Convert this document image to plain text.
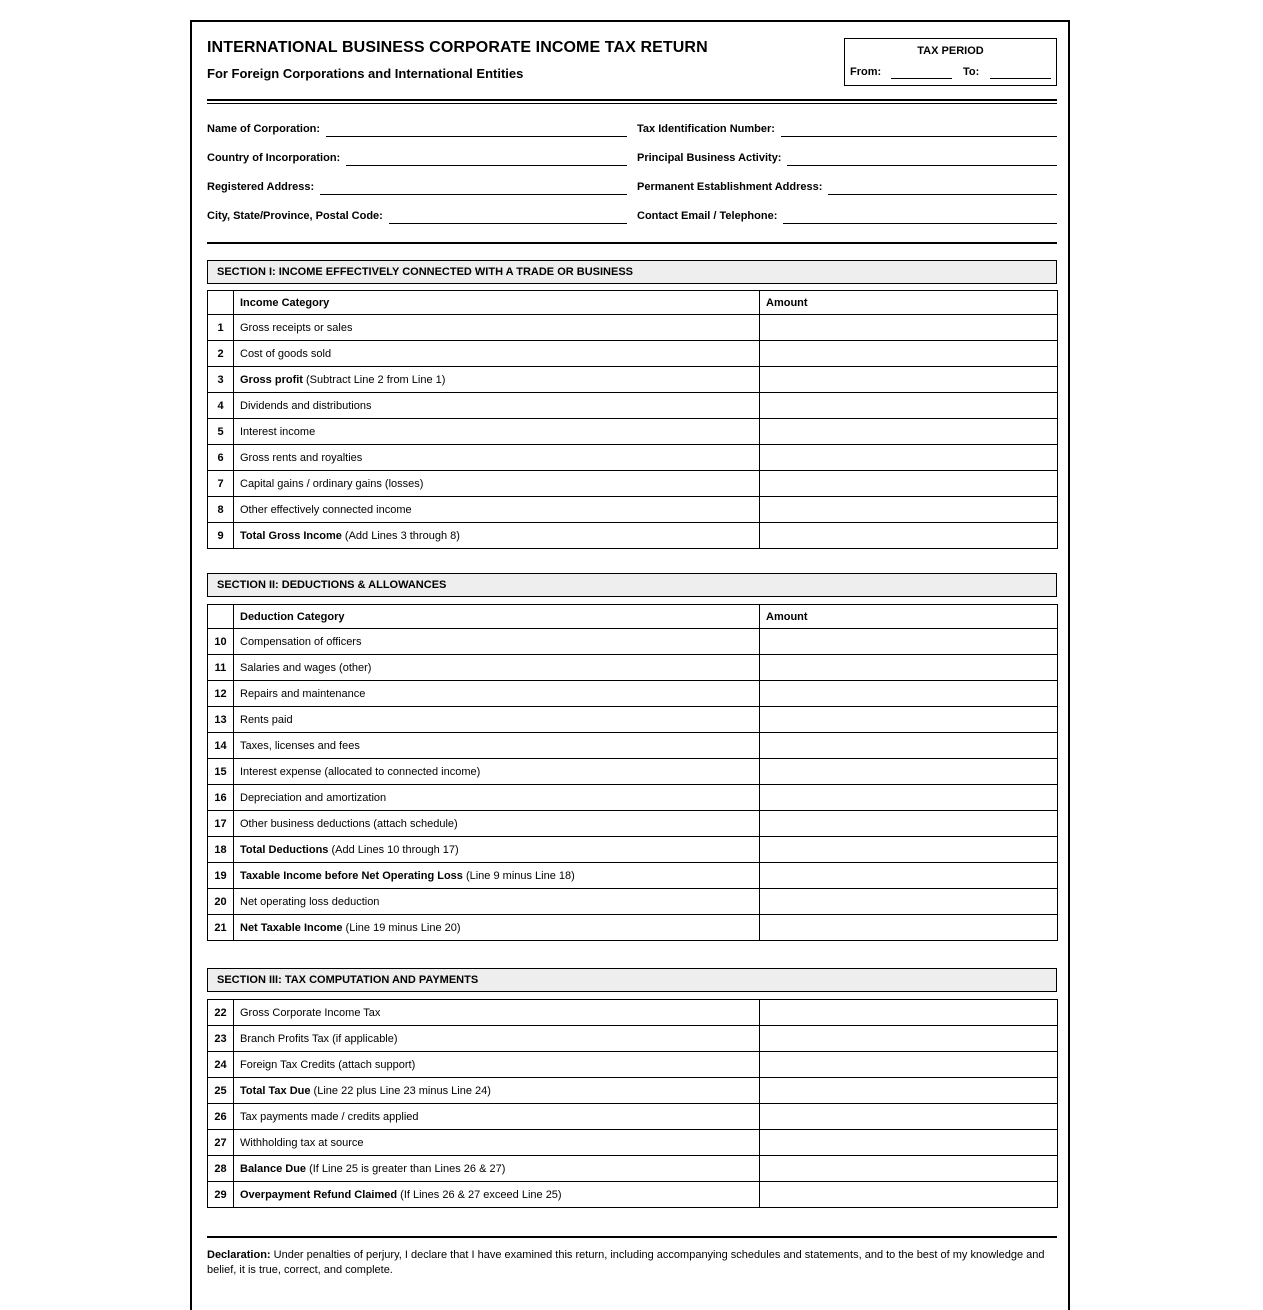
INTERNATIONAL BUSINESS CORPORATE INCOME TAX RETURN
For Foreign Corporations and International Entities
TAX PERIOD
From:	To:
Name of Corporation:
Country of Incorporation:
Registered Address:
City, State/Province, Postal Code:
Tax Identification Number:
Principal Business Activity:
Permanent Establishment Address:
Contact Email / Telephone:
SECTION I: INCOME EFFECTIVELY CONNECTED WITH A TRADE OR BUSINESS
	Income Category	Amount
1	Gross receipts or sales	
2	Cost of goods sold	
3	Gross profit (Subtract Line 2 from Line 1)	
4	Dividends and distributions	
5	Interest income	
6	Gross rents and royalties	
7	Capital gains / ordinary gains (losses)	
8	Other effectively connected income	
9	Total Gross Income (Add Lines 3 through 8)	
SECTION II: DEDUCTIONS & ALLOWANCES
	Deduction Category	Amount
10	Compensation of officers	
11	Salaries and wages (other)	
12	Repairs and maintenance	
13	Rents paid	
14	Taxes, licenses and fees	
15	Interest expense (allocated to connected income)	
16	Depreciation and amortization	
17	Other business deductions (attach schedule)	
18	Total Deductions (Add Lines 10 through 17)	
19	Taxable Income before Net Operating Loss (Line 9 minus Line 18)	
20	Net operating loss deduction	
21	Net Taxable Income (Line 19 minus Line 20)	
SECTION III: TAX COMPUTATION AND PAYMENTS
22	Gross Corporate Income Tax	
23	Branch Profits Tax (if applicable)	
24	Foreign Tax Credits (attach support)	
25	Total Tax Due (Line 22 plus Line 23 minus Line 24)	
26	Tax payments made / credits applied	
27	Withholding tax at source	
28	Balance Due (If Line 25 is greater than Lines 26 & 27)	
29	Overpayment Refund Claimed (If Lines 26 & 27 exceed Line 25)	
Declaration: Under penalties of perjury, I declare that I have examined this return, including accompanying schedules and statements, and to the best of my knowledge and belief, it is true, correct, and complete.
